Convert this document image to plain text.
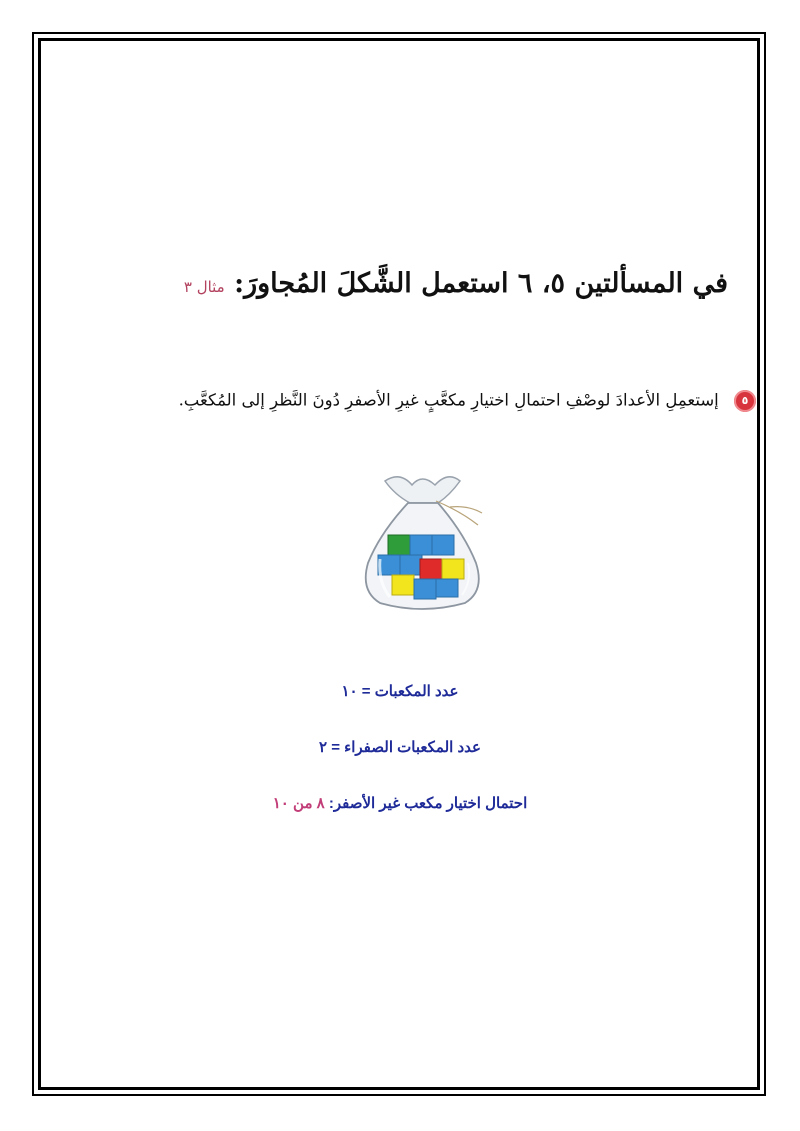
في المسألتين ٥، ٦ استعمل الشَّكلَ المُجاورَ: مثال ٣
٥ إستعمِلِ الأعدادَ لوصْفِ احتمالِ اختيارِ مكعَّبٍ غيرِ الأصفرِ دُونَ النَّظرِ إلى المُكعَّبِ.
عدد المكعبات = ١٠
عدد المكعبات الصفراء = ٢
احتمال اختيار مكعب غير الأصفر: ٨ من ١٠
